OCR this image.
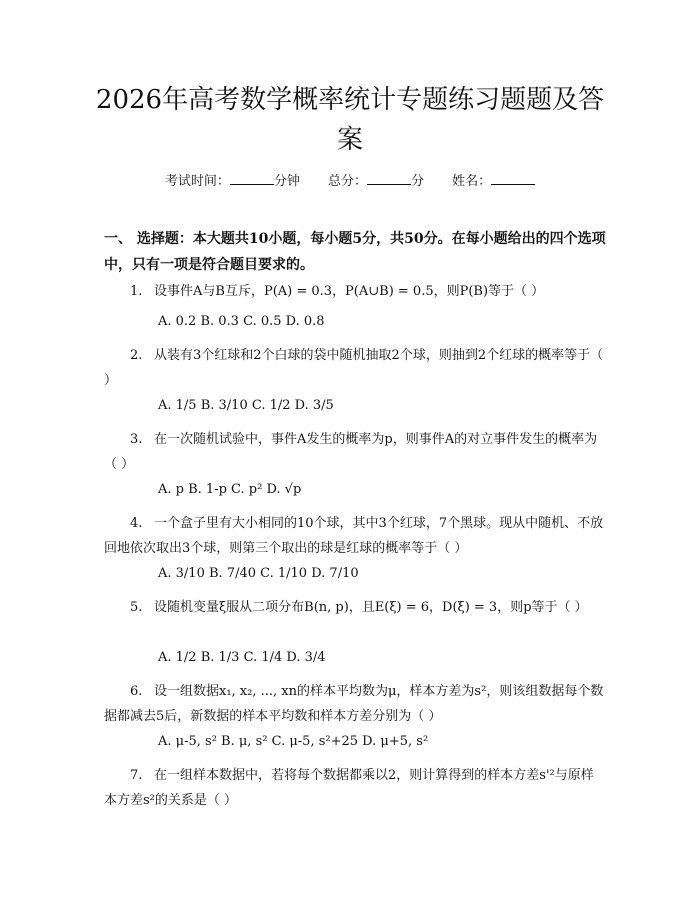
2026年高考数学概率统计专题练习题题及答
案
考试时间：	分钟 总分：	分 姓名：
一、 选择题：本大题共10小题，每小题5分，共50分。在每小题给出的四个选项中，只有一项是符合题目要求的。
1. 设事件A与B互斥，P(A) = 0.3，P(A∪B) = 0.5，则P(B)等于（ ）
A. 0.2 B. 0.3 C. 0.5 D. 0.8
2. 从装有3个红球和2个白球的袋中随机抽取2个球，则抽到2个红球的概率等于（ ）
A. 1/5 B. 3/10 C. 1/2 D. 3/5
3. 在一次随机试验中，事件A发生的概率为p，则事件A的对立事件发生的概率为（ ）
A. p B. 1-p C. p² D. √p
4. 一个盒子里有大小相同的10个球，其中3个红球，7个黑球。现从中随机、不放回地依次取出3个球，则第三个取出的球是红球的概率等于（ ）
A. 3/10 B. 7/40 C. 1/10 D. 7/10
5. 设随机变量ξ服从二项分布B(n, p)，且E(ξ) = 6，D(ξ) = 3，则p等于（ ）
A. 1/2 B. 1/3 C. 1/4 D. 3/4
6. 设一组数据x₁, x₂, ..., xn的样本平均数为μ，样本方差为s²，则该组数据每个数据都减去5后，新数据的样本平均数和样本方差分别为（ ）
A. μ-5, s² B. μ, s² C. μ-5, s²+25 D. μ+5, s²
7. 在一组样本数据中，若将每个数据都乘以2，则计算得到的样本方差s'²与原样本方差s²的关系是（ ）
